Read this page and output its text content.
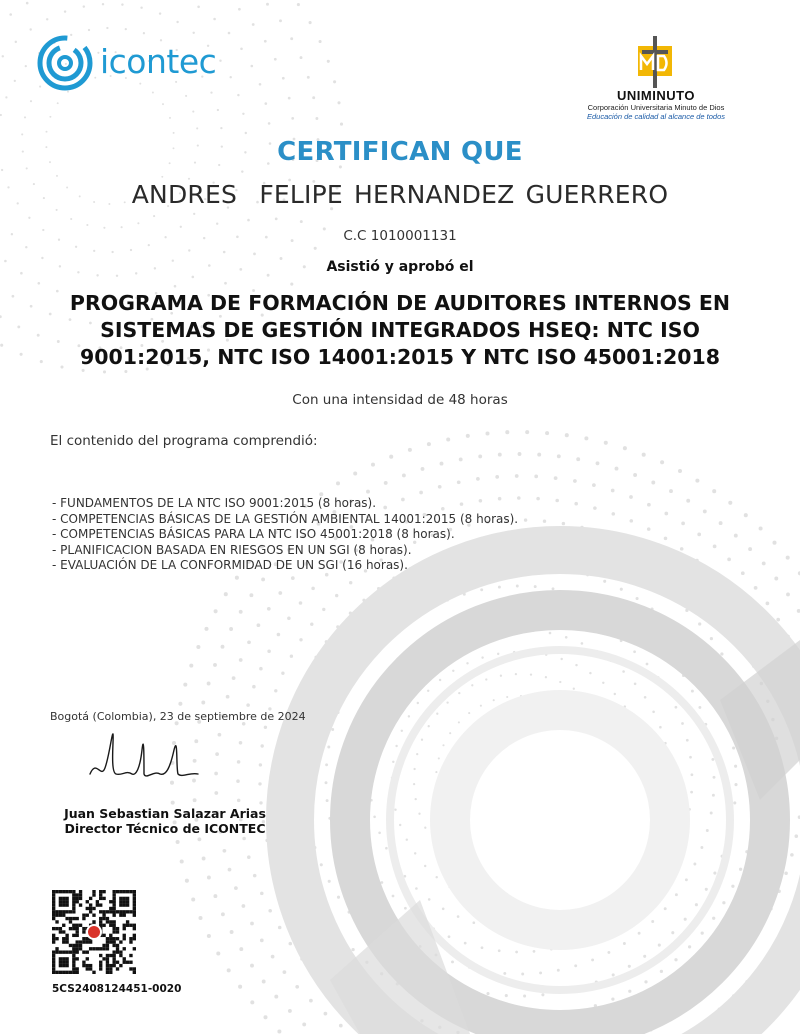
icontec
UNIMINUTO
Corporación Universitaria Minuto de Dios
Educación de calidad al alcance de todos
CERTIFICAN QUE
ANDRES  FELIPE HERNANDEZ GUERRERO
C.C 1010001131
Asistió y aprobó el
PROGRAMA DE FORMACIÓN DE AUDITORES INTERNOS EN SISTEMAS DE GESTIÓN INTEGRADOS HSEQ: NTC ISO 9001:2015, NTC ISO 14001:2015 Y NTC ISO 45001:2018
Con una intensidad de 48 horas
El contenido del programa comprendió:
- FUNDAMENTOS DE LA NTC ISO 9001:2015 (8 horas).
- COMPETENCIAS BÁSICAS DE LA GESTIÓN AMBIENTAL 14001:2015 (8 horas).
- COMPETENCIAS BÁSICAS PARA LA NTC ISO 45001:2018 (8 horas).
- PLANIFICACION BASADA EN RIESGOS EN UN SGI (8 horas).
- EVALUACIÓN DE LA CONFORMIDAD DE UN SGI (16 horas).
Bogotá (Colombia), 23 de septiembre de 2024
Juan Sebastian Salazar Arias
Director Técnico de ICONTEC
5CS2408124451-0020
